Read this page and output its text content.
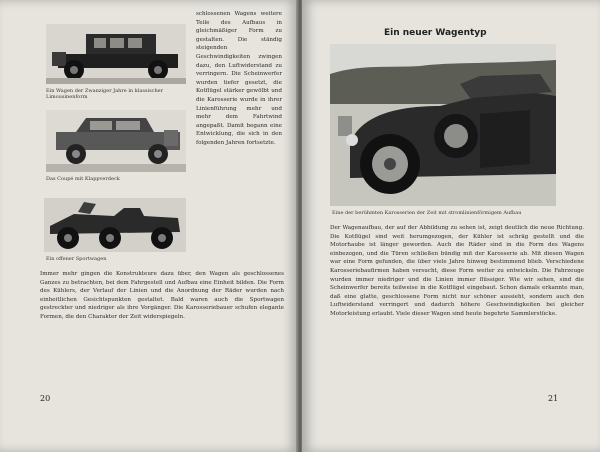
Ein Wagen der Zwanziger Jahre in klassischer Limousinenform
Das Coupé mit Klappverdeck
Ein offener Sportwagen

schlossenen Wagens weitere Teile des Aufbaus in gleichmäßiger Form zu gestalten. Die ständig steigenden Geschwindigkeiten zwingen dazu, den Luftwiderstand zu verringern. Die Scheinwerfer wurden tiefer gesetzt, die Kotflügel stärker gewölbt und die Karosserie wurde in ihrer Linienführung mehr und mehr dem Fahrtwind angepaßt. Damit begann eine Entwicklung, die sich in den folgenden Jahren fortsetzte.

Immer mehr gingen die Konstrukteure dazu über, den Wagen als geschlossenes Ganzes zu betrachten, bei dem Fahrgestell und Aufbau eine Einheit bilden. Die Form des Kühlers, der Verlauf der Linien und die Anordnung der Räder wurden nach einheitlichen Gesichtspunkten gestaltet. Bald waren auch die Sportwagen gestreckter und niedriger als ihre Vorgänger. Die Karosseriebauer schufen elegante Formen, die den Charakter der Zeit widerspiegeln.

20
Ein neuer Wagentyp
Eine der berühmten Karosserien der Zeit mit stromlinienförmigem Aufbau

Der Wagenaufbau, der auf der Abbildung zu sehen ist, zeigt deutlich die neue Richtung. Die Kotflügel sind weit herumgezogen, der Kühler ist schräg gestellt und die Motorhaube ist länger geworden. Auch die Räder sind in die Form des Wagens einbezogen, und die Türen schließen bündig mit der Karosserie ab. Mit diesen Wagen war eine Form gefunden, die über viele Jahre hinweg bestimmend blieb. Verschiedene Karosseriebaufirmen haben versucht, diese Form weiter zu entwickeln. Die Fahrzeuge wurden immer niedriger und die Linien immer flüssiger. Wie wir sehen, sind die Scheinwerfer bereits teilweise in die Kotflügel eingebaut. Schon damals erkannte man, daß eine glatte, geschlossene Form nicht nur schöner aussieht, sondern auch den Luftwiderstand verringert und dadurch höhere Geschwindigkeiten bei gleicher Motorleistung erlaubt. Viele dieser Wagen sind heute begehrte Sammlerstücke.

21
